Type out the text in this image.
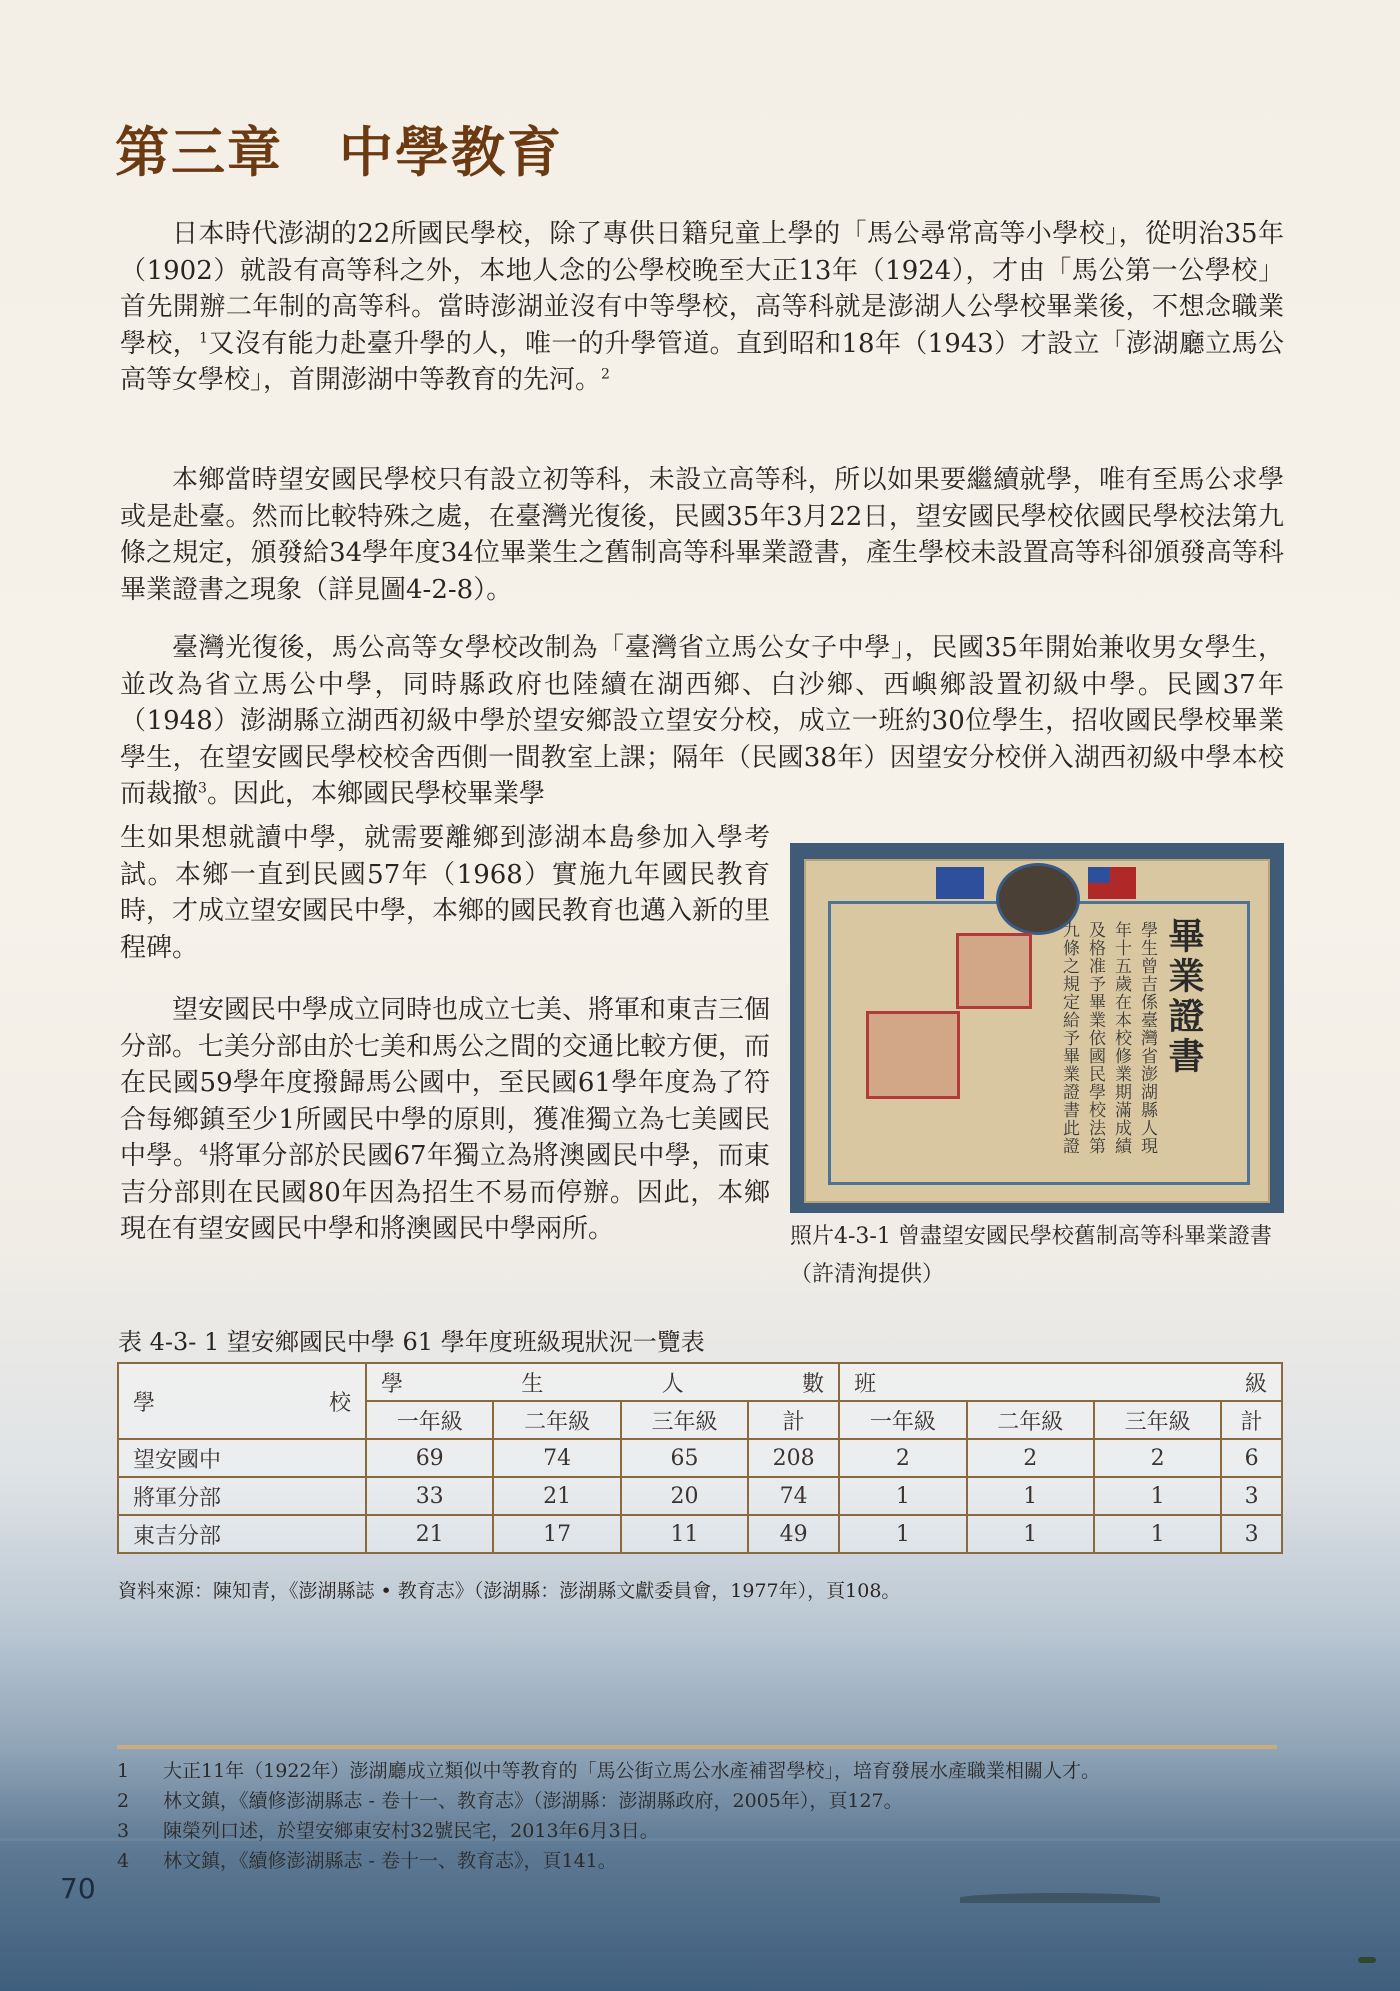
第三章　中學教育

日本時代澎湖的22所國民學校，除了專供日籍兒童上學的「馬公尋常高等小學校」，從明治35年（1902）就設有高等科之外，本地人念的公學校晚至大正13年（1924），才由「馬公第一公學校」首先開辦二年制的高等科。當時澎湖並沒有中等學校，高等科就是澎湖人公學校畢業後，不想念職業學校，$^1$又沒有能力赴臺升學的人，唯一的升學管道。直到昭和18年（1943）才設立「澎湖廳立馬公高等女學校」，首開澎湖中等教育的先河。$^2$

本鄉當時望安國民學校只有設立初等科，未設立高等科，所以如果要繼續就學，唯有至馬公求學或是赴臺。然而比較特殊之處，在臺灣光復後，民國35年3月22日，望安國民學校依國民學校法第九條之規定，頒發給34學年度34位畢業生之舊制高等科畢業證書，產生學校未設置高等科卻頒發高等科畢業證書之現象（詳見圖4-2-8）。

臺灣光復後，馬公高等女學校改制為「臺灣省立馬公女子中學」，民國35年開始兼收男女學生，並改為省立馬公中學，同時縣政府也陸續在湖西鄉、白沙鄉、西嶼鄉設置初級中學。民國37年（1948）澎湖縣立湖西初級中學於望安鄉設立望安分校，成立一班約30位學生，招收國民學校畢業學生，在望安國民學校校舍西側一間教室上課；隔年（民國38年）因望安分校併入湖西初級中學本校而裁撤$^3$。因此，本鄉國民學校畢業學

生如果想就讀中學，就需要離鄉到澎湖本島參加入學考試。本鄉一直到民國57年（1968）實施九年國民教育時，才成立望安國民中學，本鄉的國民教育也邁入新的里程碑。

望安國民中學成立同時也成立七美、將軍和東吉三個分部。七美分部由於七美和馬公之間的交通比較方便，而在民國59學年度撥歸馬公國中，至民國61學年度為了符合每鄉鎮至少1所國民中學的原則，獲准獨立為七美國民中學。$^4$將軍分部於民國67年獨立為將澳國民中學，而東吉分部則在民國80年因為招生不易而停辦。因此，本鄉現在有望安國民中學和將澳國民中學兩所。

畢業證書
學生曾吉係臺灣省澎湖縣人現年十五歲在本校修業期滿成績及格准予畢業依國民學校法第九條之規定給予畢業證書此證

照片4-3-1 曾盡望安國民學校舊制高等科畢業證書（許清洵提供）

表 4-3- 1 望安鄉國民中學 61 學年度班級現狀況一覽表

學 校	學 生 人 數				班 級			

	一年級	二年級	三年級	計	一年級	二年級	三年級	計
望安國中	69	74	65	208	2	2	2	6
將軍分部	33	21	20	74	1	1	1	3
東吉分部	21	17	11	49	1	1	1	3

資料來源：陳知青，《澎湖縣誌 • 教育志》（澎湖縣：澎湖縣文獻委員會，1977年），頁108。

1 大正11年（1922年）澎湖廳成立類似中等教育的「馬公街立馬公水產補習學校」，培育發展水產職業相關人才。
2 林文鎮，《續修澎湖縣志 - 卷十一、教育志》（澎湖縣：澎湖縣政府，2005年），頁127。
3 陳榮列口述，於望安鄉東安村32號民宅，2013年6月3日。
4 林文鎮，《續修澎湖縣志 - 卷十一、教育志》，頁141。
70
